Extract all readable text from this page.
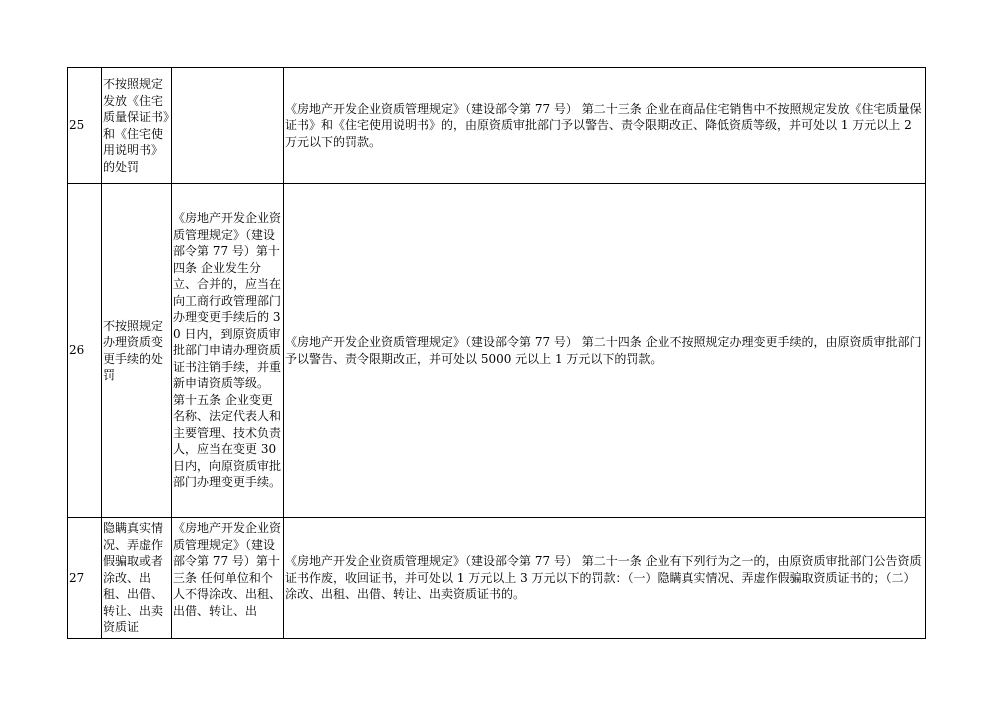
25	不按照规定发放《住宅质量保证书》和《住宅使用说明书》的处罚		《房地产开发企业资质管理规定》（建设部令第 77 号） 第二十三条 企业在商品住宅销售中不按照规定发放《住宅质量保证书》和《住宅使用说明书》的，由原资质审批部门予以警告、责令限期改正、降低资质等级，并可处以 1 万元以上 2 万元以下的罚款。
26	不按照规定办理资质变更手续的处罚	《房地产开发企业资质管理规定》（建设部令第 77 号）第十四条 企业发生分立、合并的，应当在向工商行政管理部门办理变更手续后的 30 日内，到原资质审批部门申请办理资质证书注销手续，并重新申请资质等级。 第十五条 企业变更名称、法定代表人和主要管理、技术负责人，应当在变更 30 日内，向原资质审批部门办理变更手续。	《房地产开发企业资质管理规定》（建设部令第 77 号） 第二十四条 企业不按照规定办理变更手续的，由原资质审批部门予以警告、责令限期改正，并可处以 5000 元以上 1 万元以下的罚款。
27	隐瞒真实情况、弄虚作假骗取或者涂改、出租、出借、转让、出卖资质证	《房地产开发企业资质管理规定》（建设部令第 77 号）第十三条 任何单位和个人不得涂改、出租、出借、转让、出	《房地产开发企业资质管理规定》（建设部令第 77 号） 第二十一条 企业有下列行为之一的，由原资质审批部门公告资质证书作废，收回证书，并可处以 1 万元以上 3 万元以下的罚款：（一）隐瞒真实情况、弄虚作假骗取资质证书的；（二）涂改、出租、出借、转让、出卖资质证书的。
